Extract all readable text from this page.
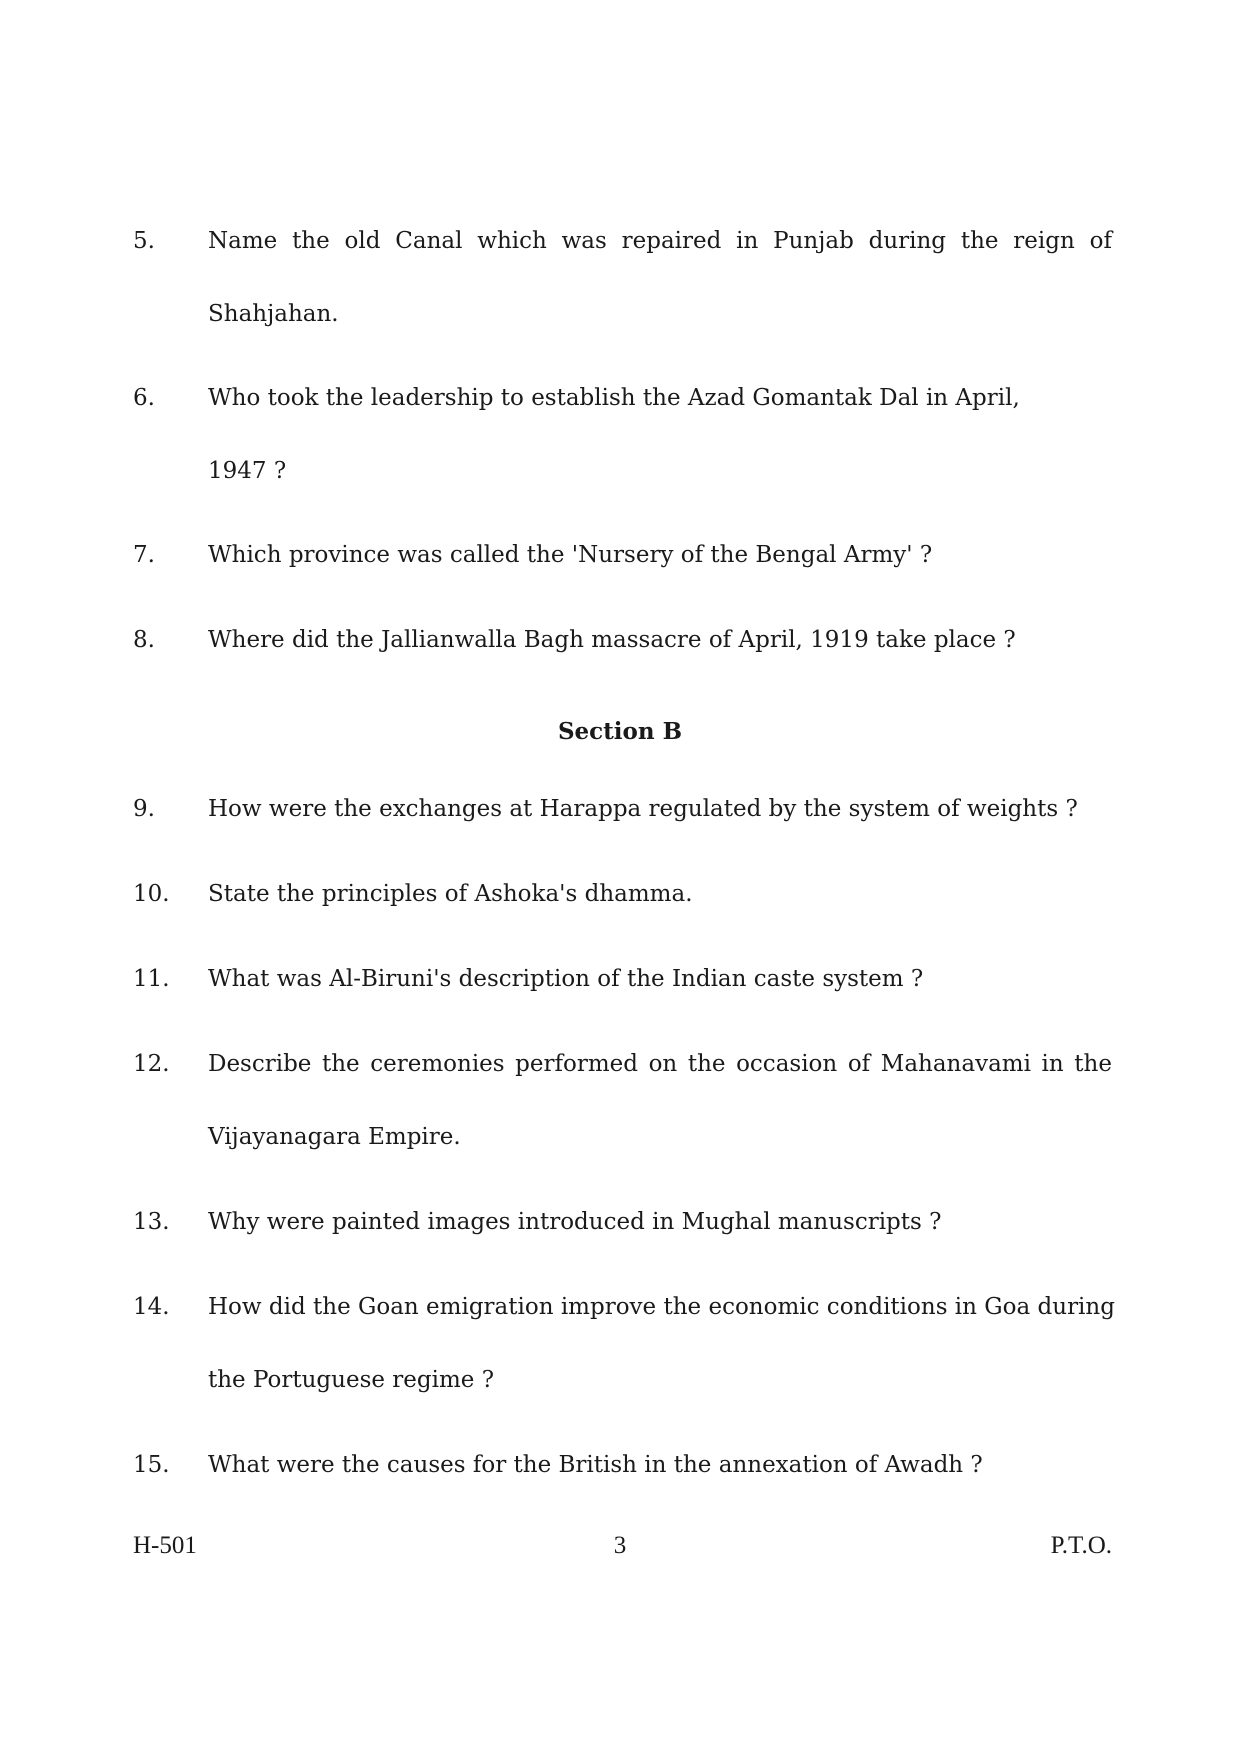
5. Name the old Canal which was repaired in Punjab during the reign of
Shahjahan.
6. Who took the leadership to establish the Azad Gomantak Dal in April,
1947 ?
7. Which province was called the 'Nursery of the Bengal Army' ?
8. Where did the Jallianwalla Bagh massacre of April, 1919 take place ?
Section B
9. How were the exchanges at Harappa regulated by the system of weights ?
10. State the principles of Ashoka's dhamma.
11. What was Al-Biruni's description of the Indian caste system ?
12. Describe the ceremonies performed on the occasion of Mahanavami in the
Vijayanagara Empire.
13. Why were painted images introduced in Mughal manuscripts ?
14. How did the Goan emigration improve the economic conditions in Goa during
the Portuguese regime ?
15. What were the causes for the British in the annexation of Awadh ?
H-501	3	P.T.O.
